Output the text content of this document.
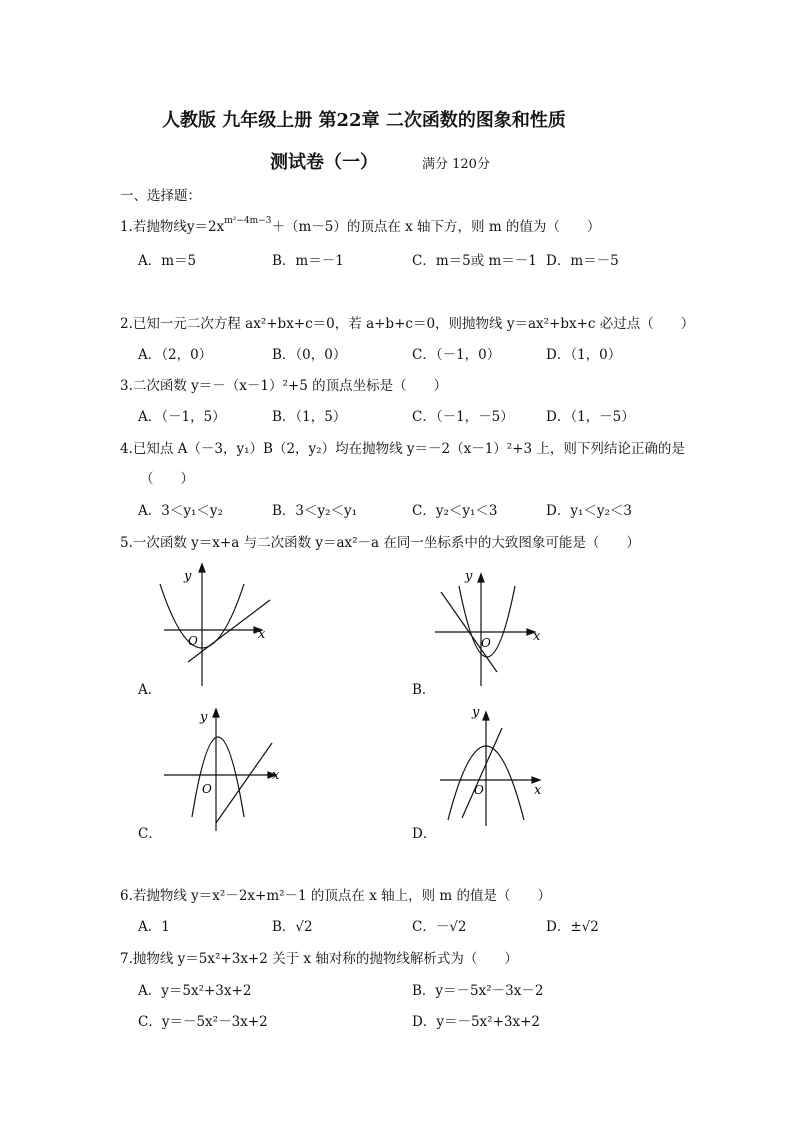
人教版 九年级上册 第22章 二次函数的图象和性质
测试卷（一）	满分 120分
一、选择题：
1.若抛物线$y=2x^{m^2-4m-3}+(m-5)$的顶点在 x 轴下方，则 m 的值为（　　）
A．m＝5	B．m＝－1	C．m＝5或 m＝－1 D．m＝－5
2.已知一元二次方程 ax²+bx+c＝0，若 a+b+c＝0，则抛物线 y＝ax²+bx+c 必过点（　　）
A．（2，0）	B．（0，0）	C．（－1，0）	D．（1，0）
3.二次函数 y＝－（x－1）²+5 的顶点坐标是（　　）
A．（－1，5）	B．（1，5）	C．（－1，－5） D．（1，－5）
4.已知点 A（－3，y₁）B（2，y₂）均在抛物线 y＝－2（x－1）²+3 上，则下列结论正确的是
（　　）
A．3＜y₁＜y₂	B．3＜y₂＜y₁	C．y₂＜y₁＜3	D．y₁＜y₂＜3
5.一次函数 y＝x+a 与二次函数 y＝ax²－a 在同一坐标系中的大致图象可能是（　　）
y
x
O
A．
y
x
O
B．
y
x
O
C．
y
x
O
D．
6.若抛物线 y＝x²－2x+m²－1 的顶点在 x 轴上，则 m 的值是（　　）
A．1	B．√2	C．－√2	D．±√2
7.抛物线 y＝5x²+3x+2 关于 x 轴对称的抛物线解析式为（　　）
A．y＝5x²+3x+2	B．y＝－5x²－3x－2
C．y＝－5x²－3x+2	D．y＝－5x²+3x+2
